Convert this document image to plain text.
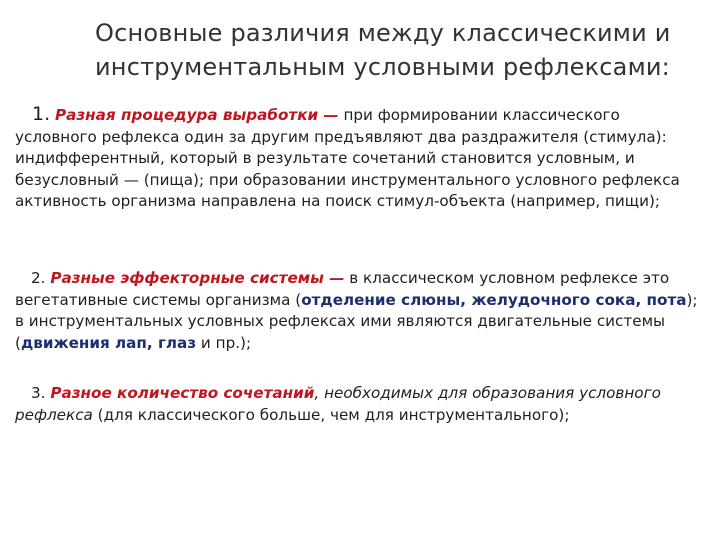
Основные различия между классическими и
инструментальным условными рефлексами:
1. Разная процедура выработки — при формировании классического условного рефлекса один за другим предъявляют два раздражителя (стимула): индифферентный, который в результате сочетаний становится условным, и безусловный — (пища); при образовании инструментального условного рефлекса активность организма направлена на поиск стимул-объекта (например, пищи);
2. Разные эффекторные системы — в классическом условном рефлексе это вегетативные системы организма (отделение слюны, желудочного сока, пота); в инструментальных условных рефлексах ими являются двигательные системы (движения лап, глаз и пр.);
3. Разное количество сочетаний, необходимых для образования условного рефлекса (для классического больше, чем для инструментального);
